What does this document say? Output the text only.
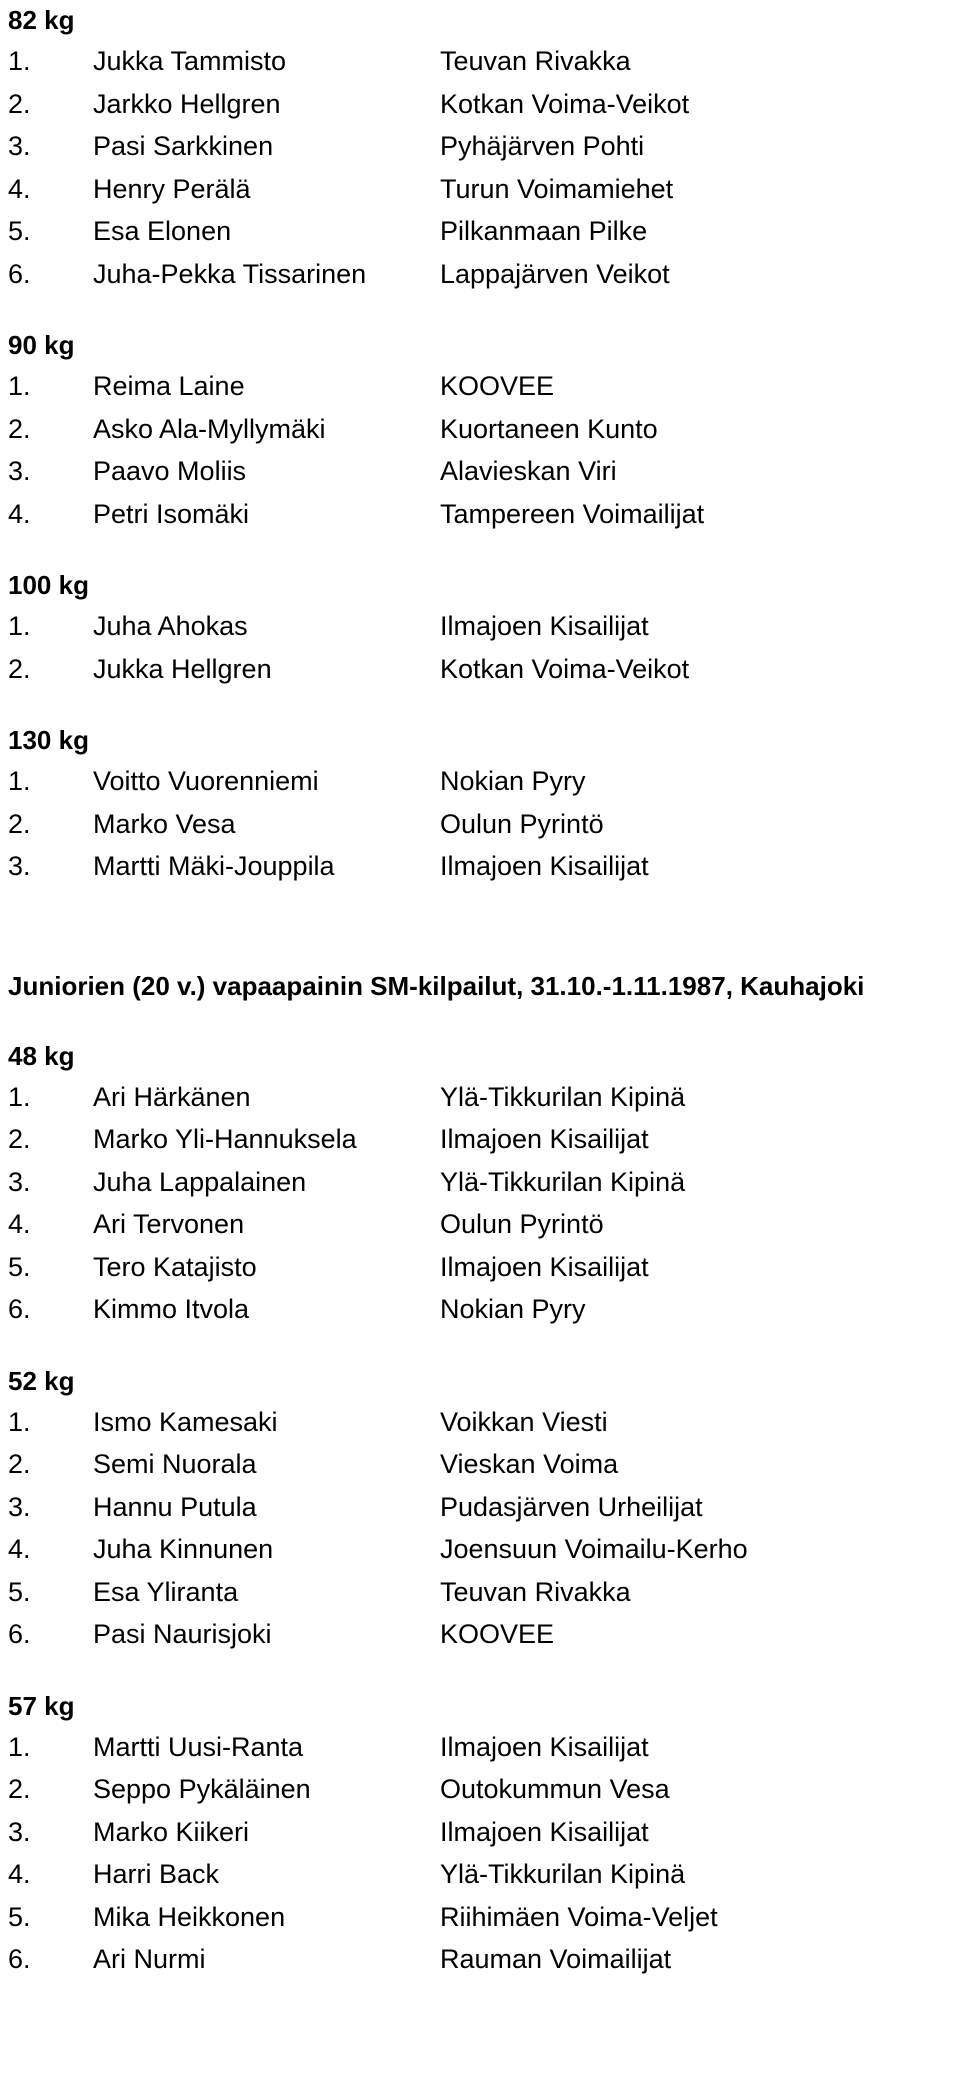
82 kg
1. Jukka Tammisto	Teuvan Rivakka
2. Jarkko Hellgren	Kotkan Voima-Veikot
3. Pasi Sarkkinen	Pyhäjärven Pohti
4. Henry Perälä	Turun Voimamiehet
5. Esa Elonen	Pilkanmaan Pilke
6. Juha-Pekka Tissarinen	Lappajärven Veikot
90 kg
1. Reima Laine	KOOVEE
2. Asko Ala-Myllymäki	Kuortaneen Kunto
3. Paavo Moliis	Alavieskan Viri
4. Petri Isomäki	Tampereen Voimailijat
100 kg
1. Juha Ahokas	Ilmajoen Kisailijat
2. Jukka Hellgren	Kotkan Voima-Veikot
130 kg
1. Voitto Vuorenniemi	Nokian Pyry
2. Marko Vesa	Oulun Pyrintö
3. Martti Mäki-Jouppila	Ilmajoen Kisailijat
Juniorien (20 v.) vapaapainin SM-kilpailut, 31.10.-1.11.1987, Kauhajoki
48 kg
1. Ari Härkänen	Ylä-Tikkurilan Kipinä
2. Marko Yli-Hannuksela	Ilmajoen Kisailijat
3. Juha Lappalainen	Ylä-Tikkurilan Kipinä
4. Ari Tervonen	Oulun Pyrintö
5. Tero Katajisto	Ilmajoen Kisailijat
6. Kimmo Itvola	Nokian Pyry
52 kg
1. Ismo Kamesaki	Voikkan Viesti
2. Semi Nuorala	Vieskan Voima
3. Hannu Putula	Pudasjärven Urheilijat
4. Juha Kinnunen	Joensuun Voimailu-Kerho
5. Esa Yliranta	Teuvan Rivakka
6. Pasi Naurisjoki	KOOVEE
57 kg
1. Martti Uusi-Ranta	Ilmajoen Kisailijat
2. Seppo Pykäläinen	Outokummun Vesa
3. Marko Kiikeri	Ilmajoen Kisailijat
4. Harri Back	Ylä-Tikkurilan Kipinä
5. Mika Heikkonen	Riihimäen Voima-Veljet
6. Ari Nurmi	Rauman Voimailijat
